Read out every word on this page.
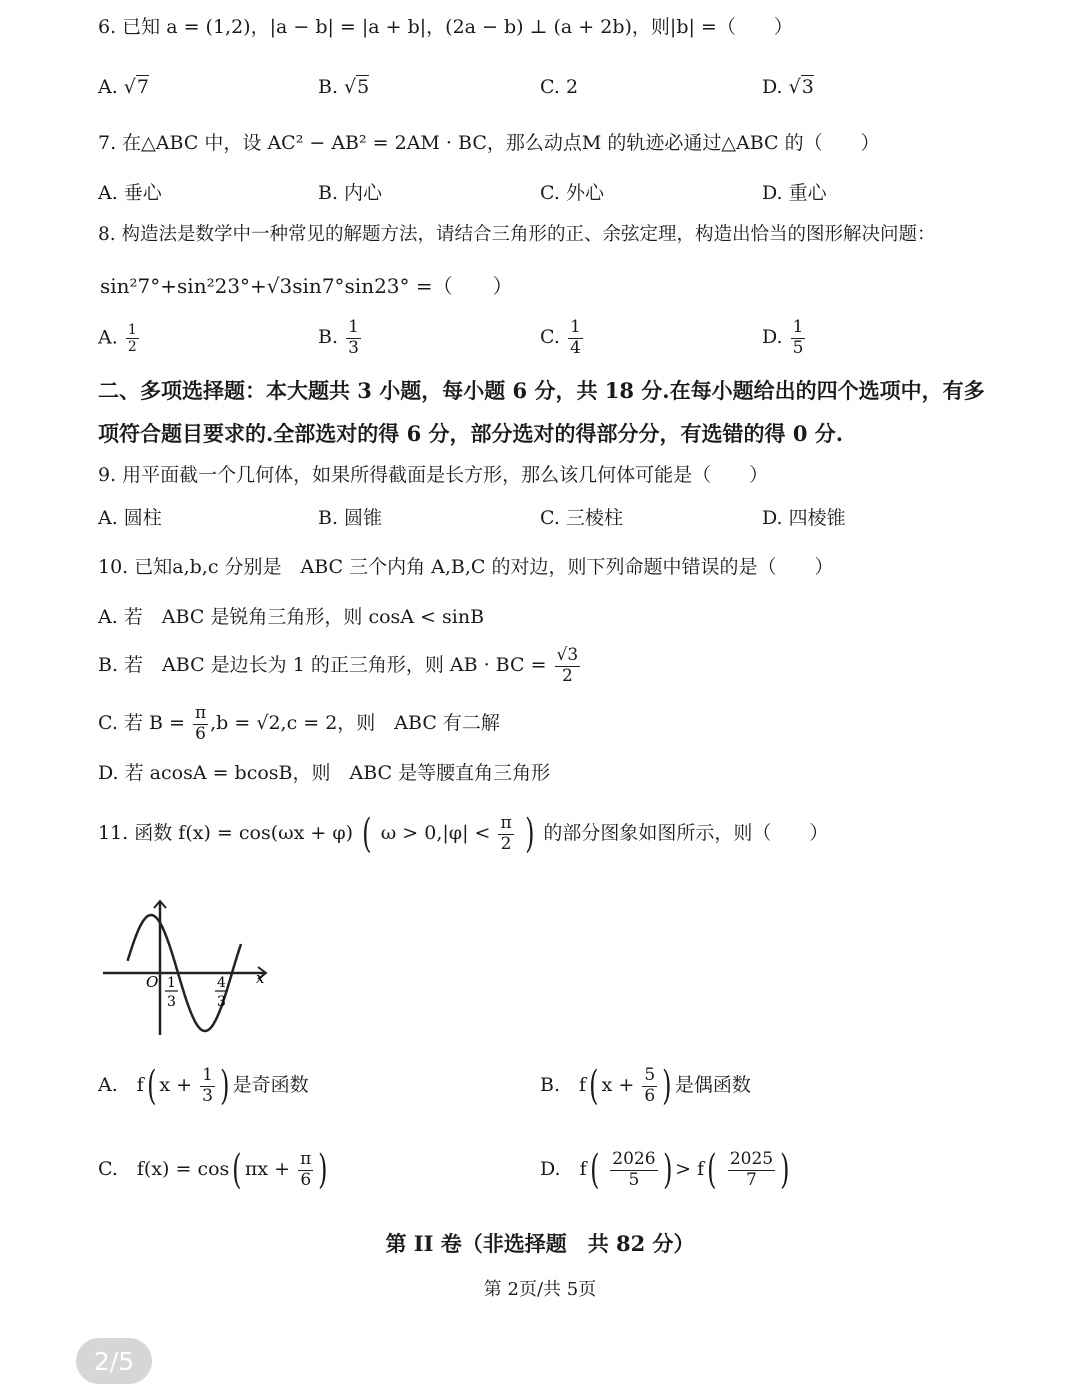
6. 已知 a = (1,2)，|a − b| = |a + b|，(2a − b) ⊥ (a + 2b)，则|b| =（　　）
A. √7	B. √5	C. 2	D. √3
7. 在△ABC 中，设 AC² − AB² = 2AM · BC，那么动点M 的轨迹必通过△ABC 的（　　）
A. 垂心	B. 内心	C. 外心	D. 重心
8. 构造法是数学中一种常见的解题方法，请结合三角形的正、余弦定理，构造出恰当的图形解决问题：
sin²7°+sin²23°+√3sin7°sin23° =（　　）
A. $\frac{1}{2}$	B. $\frac{1}{3}$	C. $\frac{1}{4}$	D. $\frac{1}{5}$
二、多项选择题：本大题共 3 小题，每小题 6 分，共 18 分.在每小题给出的四个选项中，有多
项符合题目要求的.全部选对的得 6 分，部分选对的得部分分，有选错的得 0 分.
9. 用平面截一个几何体，如果所得截面是长方形，那么该几何体可能是（　　）
A. 圆柱	B. 圆锥	C. 三棱柱	D. 四棱锥
10. 已知a,b,c 分别是　ABC 三个内角 A,B,C 的对边，则下列命题中错误的是（　　）
A. 若　ABC 是锐角三角形，则 cosA < sinB
B. 若　ABC 是边长为 1 的正三角形，则 AB · BC = $\frac{√3}{2}$
C. 若 $B = \frac{\pi}{6} ,b = √2,c = 2$，则　ABC 有二解
D. 若 acosA = bcosB，则　ABC 是等腰直角三角形
11. 函数 f(x) = cos(ωx + φ) ( $\omega > 0,|\varphi| < \frac{\pi}{2}$ ) 的部分图象如图所示，则（　　）
O	x
1
3
4
3
A.　f( $x + \frac{1}{3}$ ) 是奇函数	B.　f( $x + \frac{5}{6}$ ) 是偶函数
C.　f(x) = cos( $\pi x + \frac{\pi}{6}$ )	D.　$f( \frac{2026}{5}$ ) > $f( \frac{2025}{7}$ )
第 II 卷（非选择题　共 82 分）
第 2页/共 5页
2/5
